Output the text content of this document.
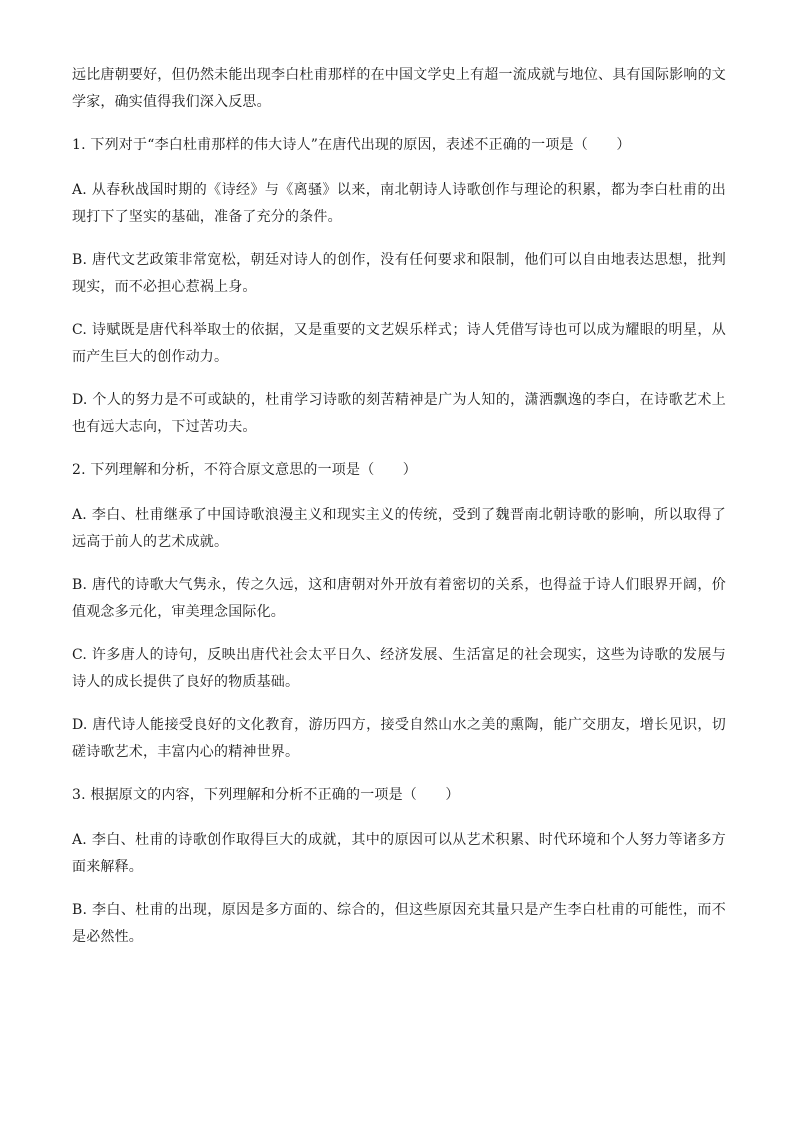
远比唐朝要好，但仍然未能出现李白杜甫那样的在中国文学史上有超一流成就与地位、具有国际影响的文学家，确实值得我们深入反思。

1. 下列对于“李白杜甫那样的伟大诗人”在唐代出现的原因，表述不正确的一项是（　　）

A. 从春秋战国时期的《诗经》与《离骚》以来，南北朝诗人诗歌创作与理论的积累，都为李白杜甫的出现打下了坚实的基础，准备了充分的条件。

B. 唐代文艺政策非常宽松，朝廷对诗人的创作，没有任何要求和限制，他们可以自由地表达思想，批判现实，而不必担心惹祸上身。

C. 诗赋既是唐代科举取士的依据，又是重要的文艺娱乐样式；诗人凭借写诗也可以成为耀眼的明星，从而产生巨大的创作动力。

D. 个人的努力是不可或缺的，杜甫学习诗歌的刻苦精神是广为人知的，潇洒飘逸的李白，在诗歌艺术上也有远大志向，下过苦功夫。

2. 下列理解和分析，不符合原文意思的一项是（　　）

A. 李白、杜甫继承了中国诗歌浪漫主义和现实主义的传统，受到了魏晋南北朝诗歌的影响，所以取得了远高于前人的艺术成就。

B. 唐代的诗歌大气隽永，传之久远，这和唐朝对外开放有着密切的关系，也得益于诗人们眼界开阔，价值观念多元化，审美理念国际化。

C. 许多唐人的诗句，反映出唐代社会太平日久、经济发展、生活富足的社会现实，这些为诗歌的发展与诗人的成长提供了良好的物质基础。

D. 唐代诗人能接受良好的文化教育，游历四方，接受自然山水之美的熏陶，能广交朋友，增长见识，切磋诗歌艺术，丰富内心的精神世界。

3. 根据原文的内容，下列理解和分析不正确的一项是（　　）

A. 李白、杜甫的诗歌创作取得巨大的成就，其中的原因可以从艺术积累、时代环境和个人努力等诸多方面来解释。

B. 李白、杜甫的出现，原因是多方面的、综合的，但这些原因充其量只是产生李白杜甫的可能性，而不是必然性。
